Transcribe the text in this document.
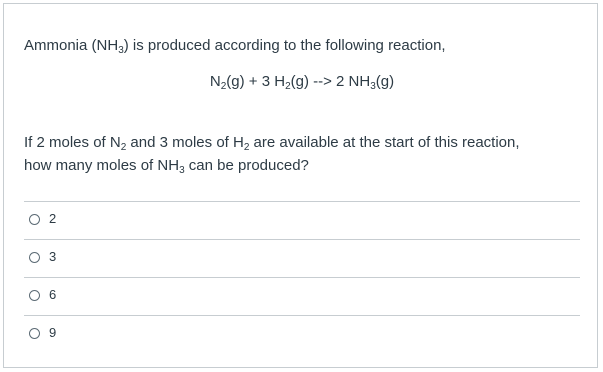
Ammonia $(NH_3)$ is produced according to the following reaction,
$N_2(g) + 3$ $H_2(g)$ --> 2 $NH_3(g)$
If 2 moles of $N_2$ and 3 moles of $H_2$ are available at the start of this reaction,
how many moles of $NH_3$ can be produced?
2
3
6
9
